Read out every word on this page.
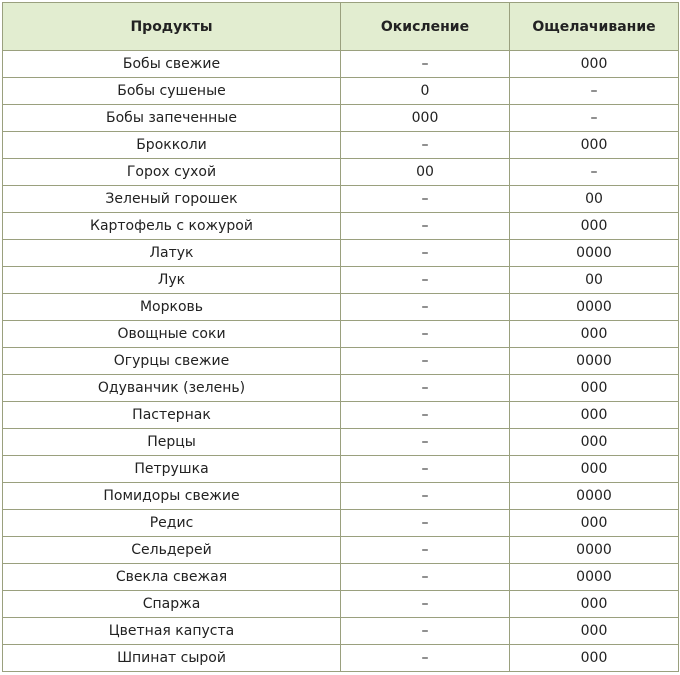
Продукты	Окисление	Ощелачивание
Бобы свежие	–	000
Бобы сушеные	0	–
Бобы запеченные	000	–
Брокколи	–	000
Горох сухой	00	–
Зеленый горошек	–	00
Картофель с кожурой	–	000
Латук	–	0000
Лук	–	00
Морковь	–	0000
Овощные соки	–	000
Огурцы свежие	–	0000
Одуванчик (зелень)	–	000
Пастернак	–	000
Перцы	–	000
Петрушка	–	000
Помидоры свежие	–	0000
Редис	–	000
Сельдерей	–	0000
Свекла свежая	–	0000
Спаржа	–	000
Цветная капуста	–	000
Шпинат сырой	–	000
